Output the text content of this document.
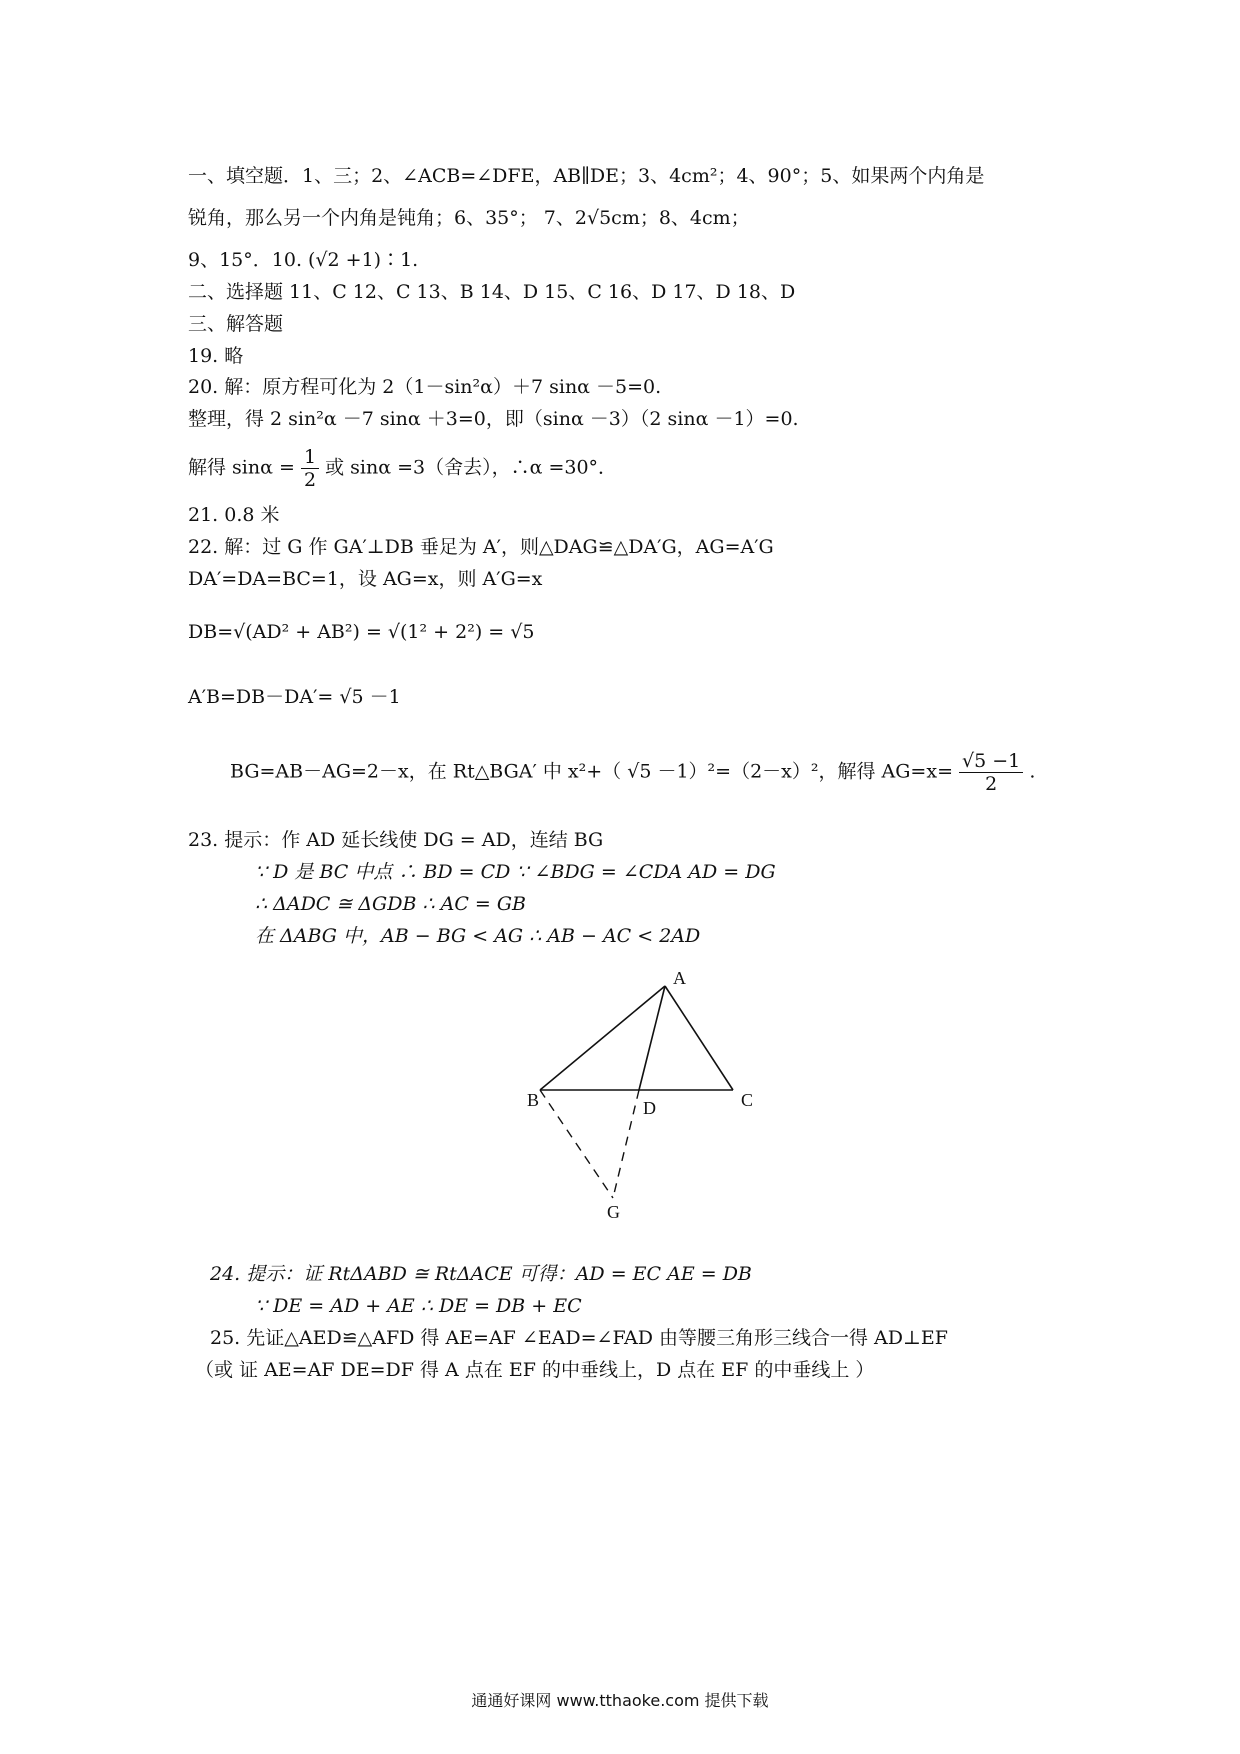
一、填空题．1、三；2、∠ACB=∠DFE，AB∥DE；3、4cm²；4、90°；5、如果两个内角是
锐角，那么另一个内角是钝角；6、35°； 7、2√5cm；8、4cm；
9、15°．10. (√2 +1)∶1.
二、选择题 11、C 12、C 13、B 14、D 15、C 16、D 17、D 18、D
三、解答题
19. 略
20. 解：原方程可化为 2（1－sin²α）＋7 sinα －5=0.
整理，得 2 sin²α －7 sinα ＋3=0，即（sinα －3）（2 sinα －1）=0.
解得 $\sin\alpha = \frac{1}{2}$ 或 sinα =3（舍去），∴α =30°．
21. 0.8 米
22. 解：过 G 作 GA′⊥DB 垂足为 A′，则△DAG≌△DA′G，AG=A′G
DA′=DA=BC=1，设 AG=x，则 A′G=x
DB=√(AD² + AB²) = √(1² + 2²) = √5
A′B=DB－DA′= √5 －1
BG=AB－AG=2－x，在 Rt△BGA′ 中 x²+（ √5 －1）²=（2－x）²，解得 $AG=x= \frac{√5 -1}{2}$ .
23. 提示：作 AD 延长线使 DG = AD，连结 BG
∵ D 是 BC 中点 ∴ BD = CD ∵ ∠BDG = ∠CDA AD = DG
∴ ΔADC ≅ ΔGDB ∴ AC = GB
在 ΔABG 中，AB − BG < AG ∴ AB − AC < 2AD
A
B	C
D
G
24. 提示：证 RtΔABD ≅ RtΔACE 可得：AD = EC AE = DB
∵ DE = AD + AE ∴ DE = DB + EC
25. 先证△AED≌△AFD 得 AE=AF ∠EAD=∠FAD 由等腰三角形三线合一得 AD⊥EF
（或 证 AE=AF DE=DF 得 A 点在 EF 的中垂线上，D 点在 EF 的中垂线上 ）
通通好课网 www.tthaoke.com 提供下载
